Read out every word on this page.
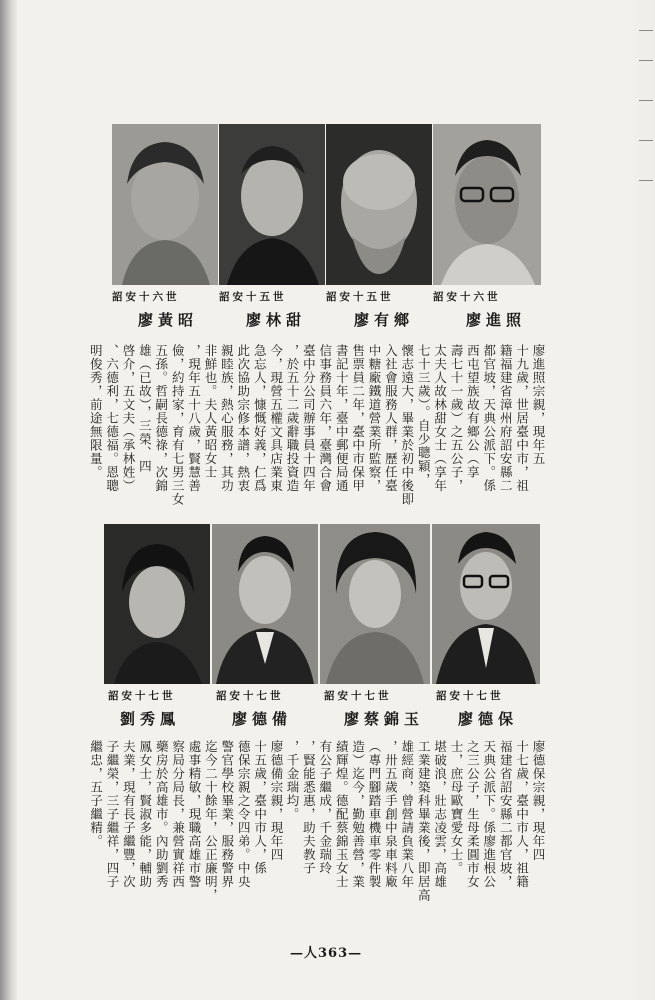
詔安十六世	詔安十五世	詔安十五世	詔安十六世
廖進照
廖有鄉
廖林甜
廖黃昭
廖進照宗親，現年五
十九歲，世居臺中市，祖
籍福建省漳州府詔安縣二
都官坡，天典公派下。係
西屯望族故有鄉公（享
壽七十一歲）之五公子，
太夫人故林甜女士（享年
七十三歲）。自少聰穎，
懷志遠大，畢業於初中後即
入社會服務人群，歷任臺
中糖廠鐵道營業所監察，
售票員二年，臺中市保甲
書記十年，臺中郵便局通
信事務員六年，臺灣合會
臺中分公司辦事員十四年
，於五十二歲辭職投資造
今，現營五權文具店業東
急忘人，慷慨好義，仁爲
此次協助宗修本譜，熱衷
親睦族，熱心服務，其功
非鮮也。夫人黃昭女士
，現年五十八歲，賢慧善
儉，約持家，育有七男三女
五孫。哲嗣長德祿，次錦
雄（已故），三榮、四
啓介，五文夫（承林姓）
、六德利，七德福。恩聰
明俊秀，前途無限量。
詔安十七世	詔安十七世	詔安十七世	詔安十七世
廖德保
廖蔡錦玉
廖德備
劉秀鳳
廖德保宗親，現年四
十七歲，臺中市人，祖籍
福建省詔安縣二都官坡，
天典公派下。係廖進根公
之三公子，生母柔圓市女
士，庶母歐寶愛女士。
堪破浪，壯志凌雲，高雄
工業建築科畢業後，即居高
雄經商，曾營請負業八年
，卅五歲手創中泉車料廠
（專門腳踏車機車零件製
造）迄今，勤勉善營，業
績輝煌。德配蔡錦玉女士
有公子繼成，千金瑞玲
，賢能悉惠，助夫教子
，千金瑞均。
廖德備宗親，現年四
十五歲，臺中市人，係
德保宗親之令四弟。中央
警官學校畢業，服務警界
迄今二十餘年，公正廉明，
處事精敏，現職高雄市警
察局分局長，兼營實祥西
藥房於高雄市。內助劉秀
鳳女士，賢淑多能，輔助
夫業，現有長子繼豐，次
子繼榮，三子繼祥，四子
繼忠，五子繼精。
—人363—
